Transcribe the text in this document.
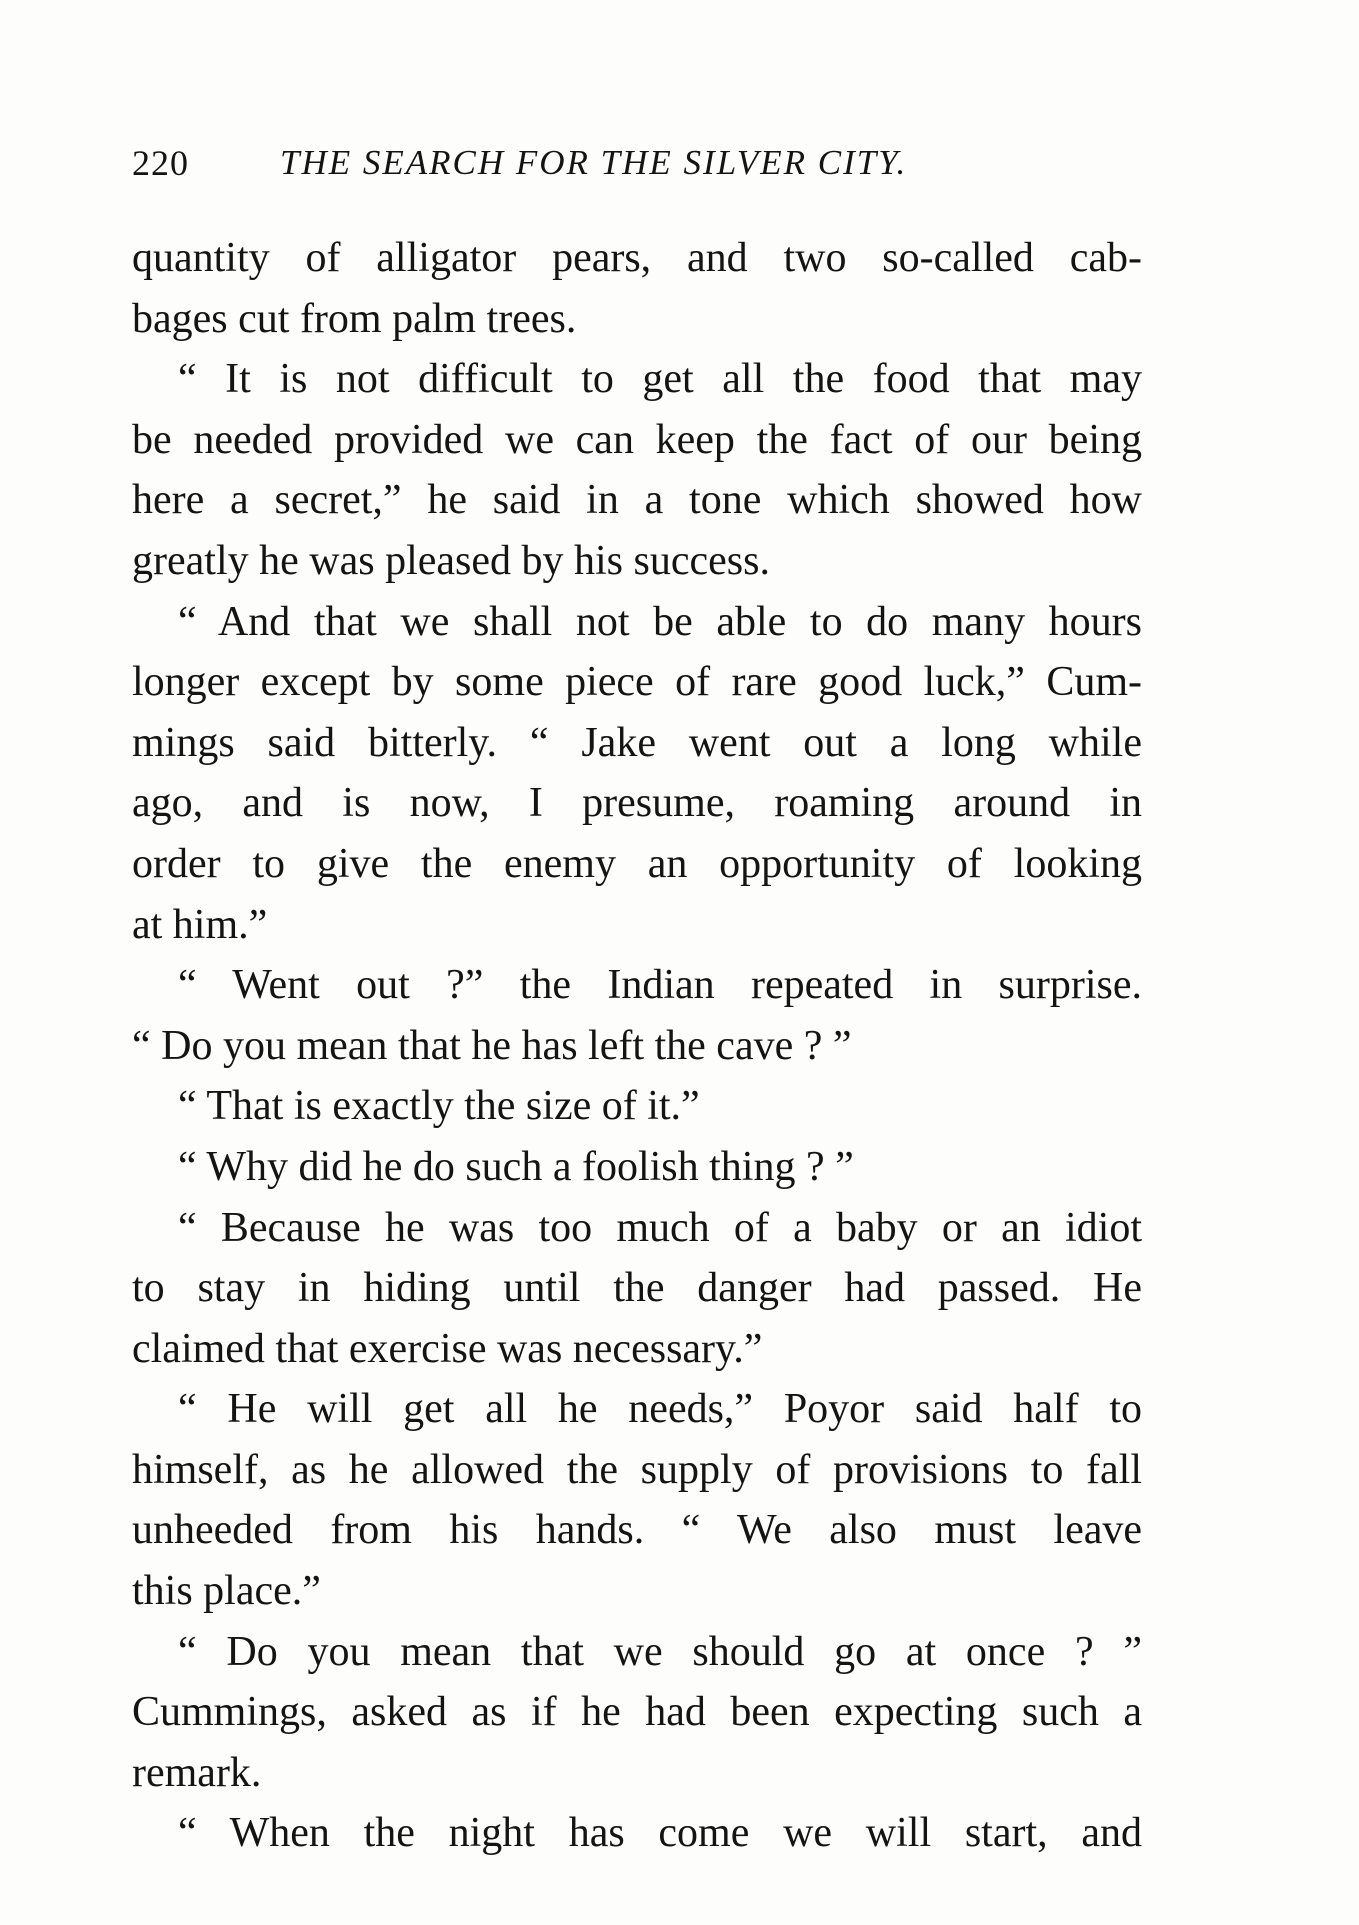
220	THE SEARCH FOR THE SILVER CITY.
quantity of alligator pears, and two so-called cab-
bages cut from palm trees.
“ It is not difficult to get all the food that may
be needed provided we can keep the fact of our being
here a secret,” he said in a tone which showed how
greatly he was pleased by his success.
“ And that we shall not be able to do many hours
longer except by some piece of rare good luck,” Cum-
mings said bitterly. “ Jake went out a long while
ago, and is now, I presume, roaming around in
order to give the enemy an opportunity of looking
at him.”
“ Went out ?” the Indian repeated in surprise.
“ Do you mean that he has left the cave ? ”
“ That is exactly the size of it.”
“ Why did he do such a foolish thing ? ”
“ Because he was too much of a baby or an idiot
to stay in hiding until the danger had passed. He
claimed that exercise was necessary.”
“ He will get all he needs,” Poyor said half to
himself, as he allowed the supply of provisions to fall
unheeded from his hands. “ We also must leave
this place.”
“ Do you mean that we should go at once ? ”
Cummings, asked as if he had been expecting such a
remark.
“ When the night has come we will start, and
